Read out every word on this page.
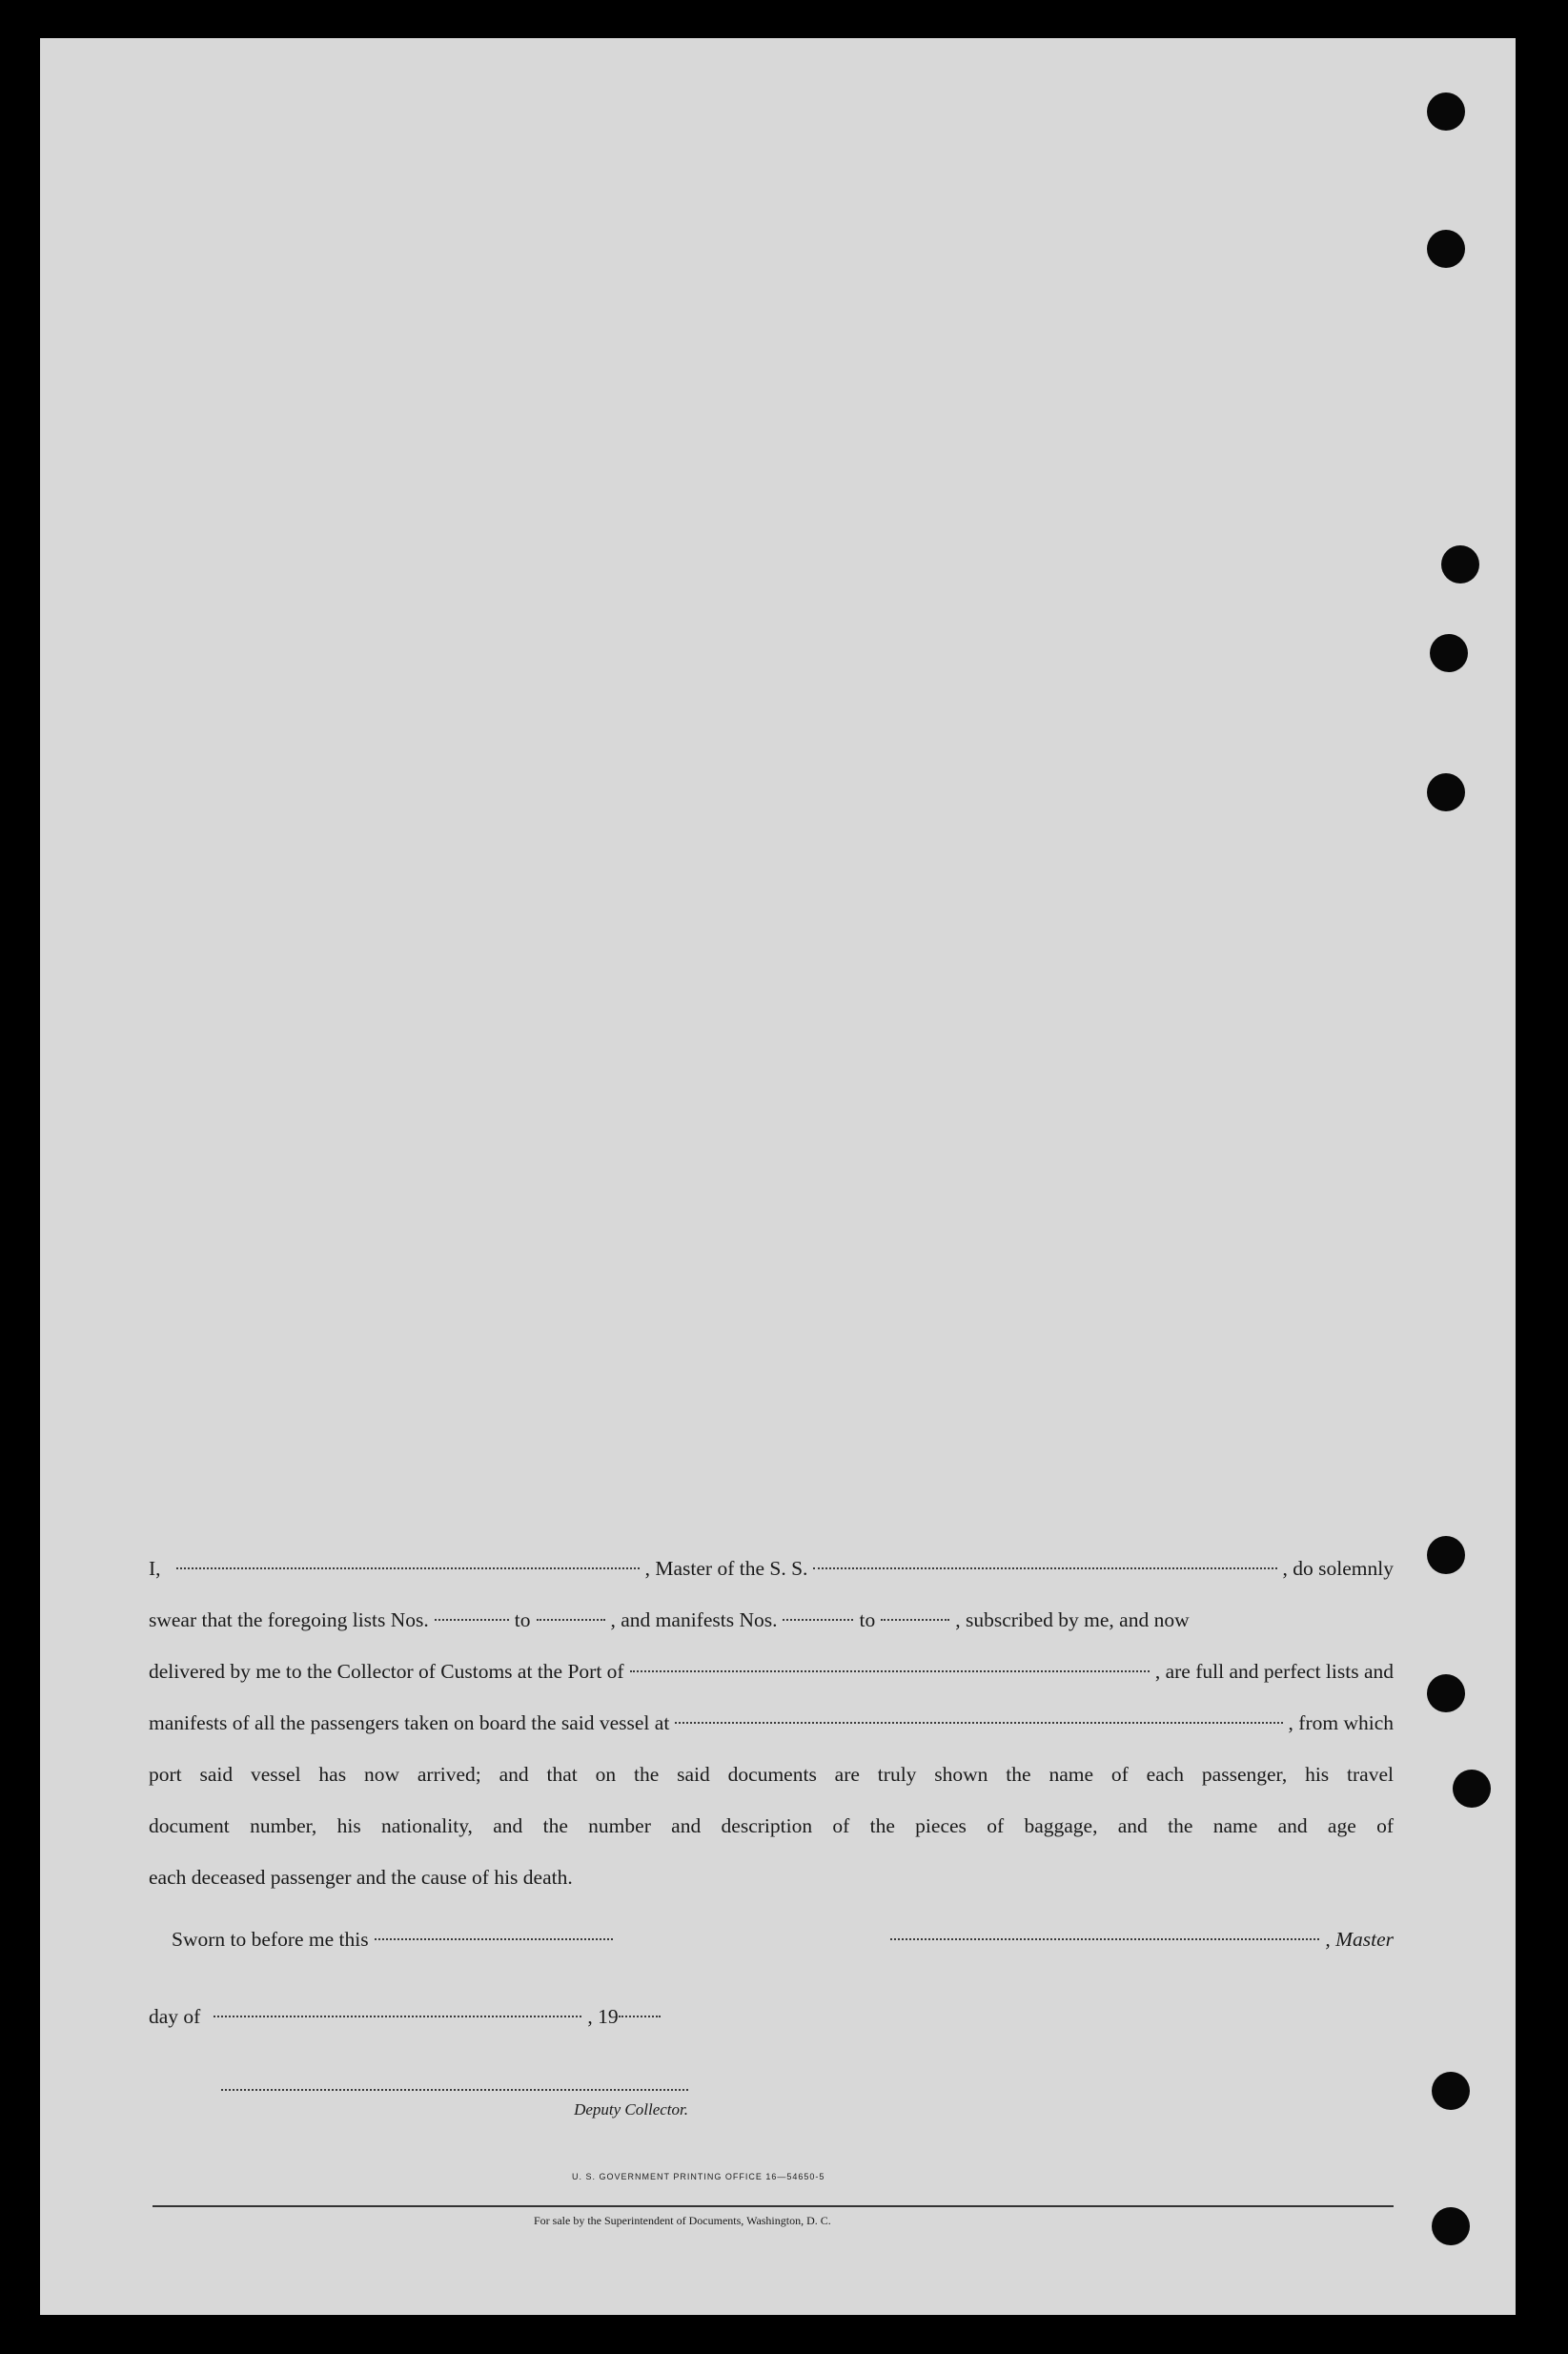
I,	, Master of the S. S.	, do solemnly
swear that the foregoing lists Nos.	to	, and manifests Nos.	to	, subscribed by me, and now
delivered by me to the Collector of Customs at the Port of	, are full and perfect lists and
manifests of all the passengers taken on board the said vessel at	, from which
port said vessel has now arrived; and that on the said documents are truly shown the name of each passenger, his travel
document number, his nationality, and the number and description of the pieces of baggage, and the name and age of
each deceased passenger and the cause of his death.
Sworn to before me this	, Master
day of	, 19
Deputy Collector.
U. S. GOVERNMENT PRINTING OFFICE 16—54650-5
For sale by the Superintendent of Documents, Washington, D. C.
